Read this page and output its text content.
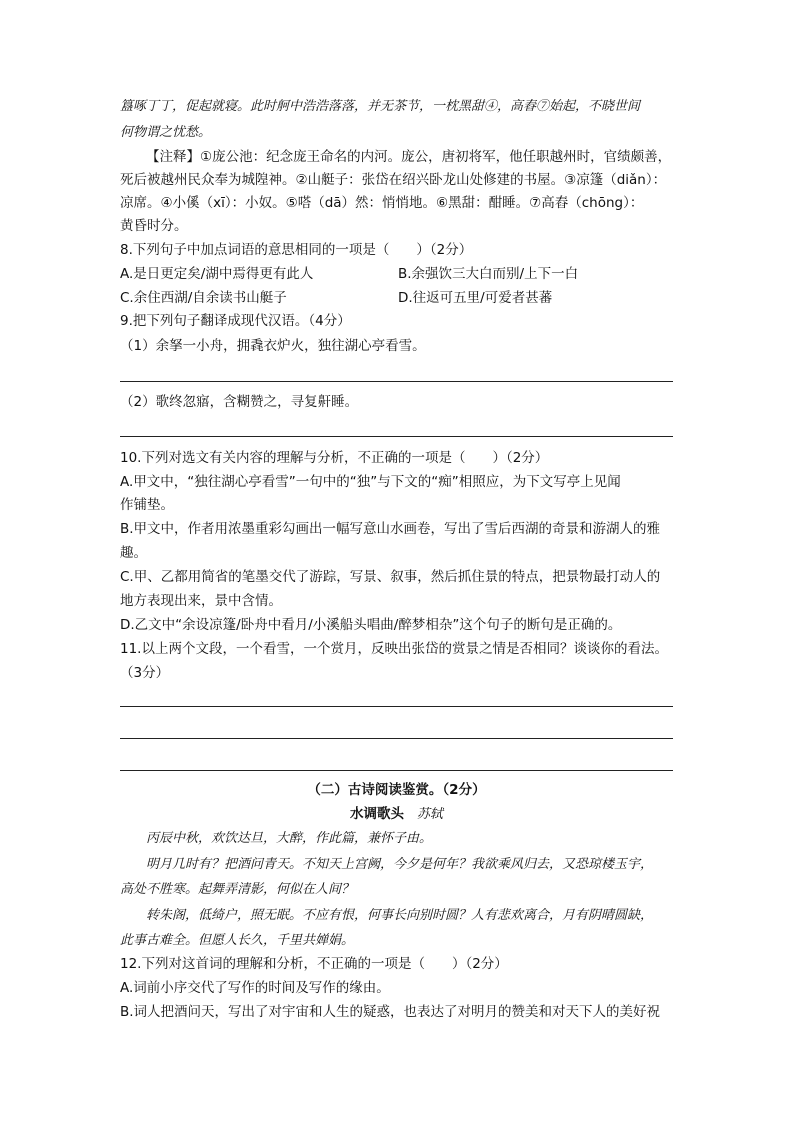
簋啄丁丁，促起就寝。此时舸中浩浩落落，并无茶节，一枕黑甜④，高舂⑦始起，不晓世间
何物谓之忧愁。
【注释】①庞公池：纪念庞王命名的内河。庞公，唐初将军，他任职越州时，官绩颇善，
死后被越州民众奉为城隍神。②山艇子：张岱在绍兴卧龙山处修建的书屋。③凉篷（diǎn）：
凉席。④小傒（xī）：小奴。⑤嗒（dā）然：悄悄地。⑥黑甜：酣睡。⑦高舂（chōng）：
黄昏时分。
8.下列句子中加点词语的意思相同的一项是（　　）（2分）
A.是日更定矣/湖中焉得更有此人	B.余强饮三大白而别/上下一白
C.余住西湖/自余读书山艇子	D.往返可五里/可爱者甚蕃
9.把下列句子翻译成现代汉语。（4分）
（1）余拏一小舟，拥毳衣炉火，独往湖心亭看雪。
（2）歌终忽寤，含糊赞之，寻复鼾睡。
10.下列对选文有关内容的理解与分析，不正确的一项是（　　）（2分）
A.甲文中，“独往湖心亭看雪”一句中的“独”与下文的“痴”相照应，为下文写亭上见闻
作铺垫。
B.甲文中，作者用浓墨重彩勾画出一幅写意山水画卷，写出了雪后西湖的奇景和游湖人的雅
趣。
C.甲、乙都用简省的笔墨交代了游踪，写景、叙事，然后抓住景的特点，把景物最打动人的
地方表现出来，景中含情。
D.乙文中“余设凉篷/卧舟中看月/小溪船头唱曲/醉梦相杂”这个句子的断句是正确的。
11.以上两个文段，一个看雪，一个赏月，反映出张岱的赏景之情是否相同？谈谈你的看法。
（3分）
（二）古诗阅读鉴赏。（2分）
水调歌头 苏轼
丙辰中秋，欢饮达旦，大醉，作此篇，兼怀子由。
明月几时有？把酒问青天。不知天上宫阙，今夕是何年？我欲乘风归去，又恐琼楼玉宇，
高处不胜寒。起舞弄清影，何似在人间？
转朱阁，低绮户，照无眠。不应有恨，何事长向别时圆？人有悲欢离合，月有阴晴圆缺，
此事古难全。但愿人长久，千里共婵娟。
12.下列对这首词的理解和分析，不正确的一项是（　　）（2分）
A.词前小序交代了写作的时间及写作的缘由。
B.词人把酒问天，写出了对宇宙和人生的疑惑，也表达了对明月的赞美和对天下人的美好祝
